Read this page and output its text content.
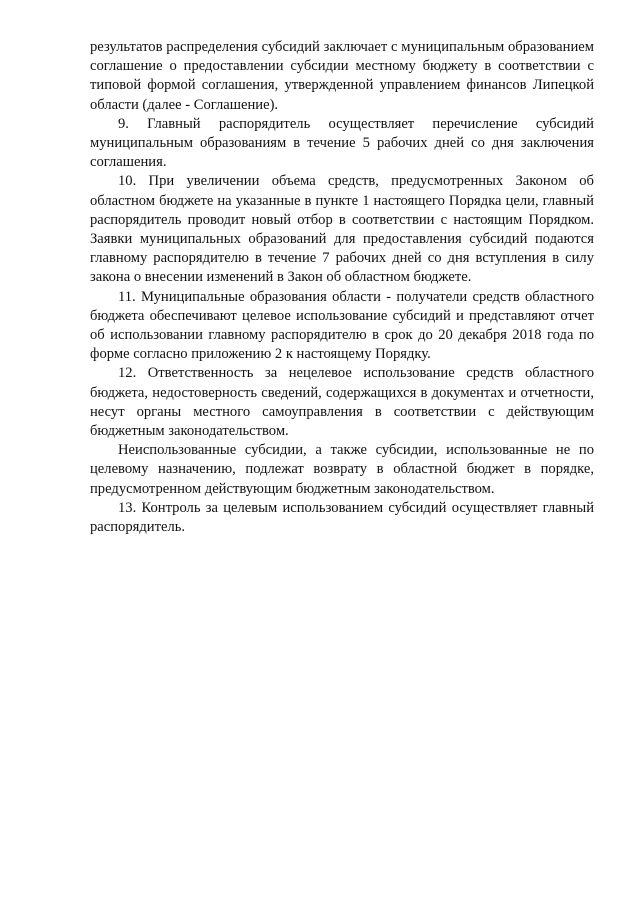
результатов распределения субсидий заключает с муниципальным образованием соглашение о предоставлении субсидии местному бюджету в соответствии с типовой формой соглашения, утвержденной управлением финансов Липецкой области (далее - Соглашение).

9. Главный распорядитель осуществляет перечисление субсидий муниципальным образованиям в течение 5 рабочих дней со дня заключения соглашения.

10. При увеличении объема средств, предусмотренных Законом об областном бюджете на указанные в пункте 1 настоящего Порядка цели, главный распорядитель проводит новый отбор в соответствии с настоящим Порядком. Заявки муниципальных образований для предоставления субсидий подаются главному распорядителю в течение 7 рабочих дней со дня вступления в силу закона о внесении изменений в Закон об областном бюджете.

11. Муниципальные образования области - получатели средств областного бюджета обеспечивают целевое использование субсидий и представляют отчет об использовании главному распорядителю в срок до 20 декабря 2018 года по форме согласно приложению 2 к настоящему Порядку.

12. Ответственность за нецелевое использование средств областного бюджета, недостоверность сведений, содержащихся в документах и отчетности, несут органы местного самоуправления в соответствии с действующим бюджетным законодательством.

Неиспользованные субсидии, а также субсидии, использованные не по целевому назначению, подлежат возврату в областной бюджет в порядке, предусмотренном действующим бюджетным законодательством.

13. Контроль за целевым использованием субсидий осуществляет главный распорядитель.
